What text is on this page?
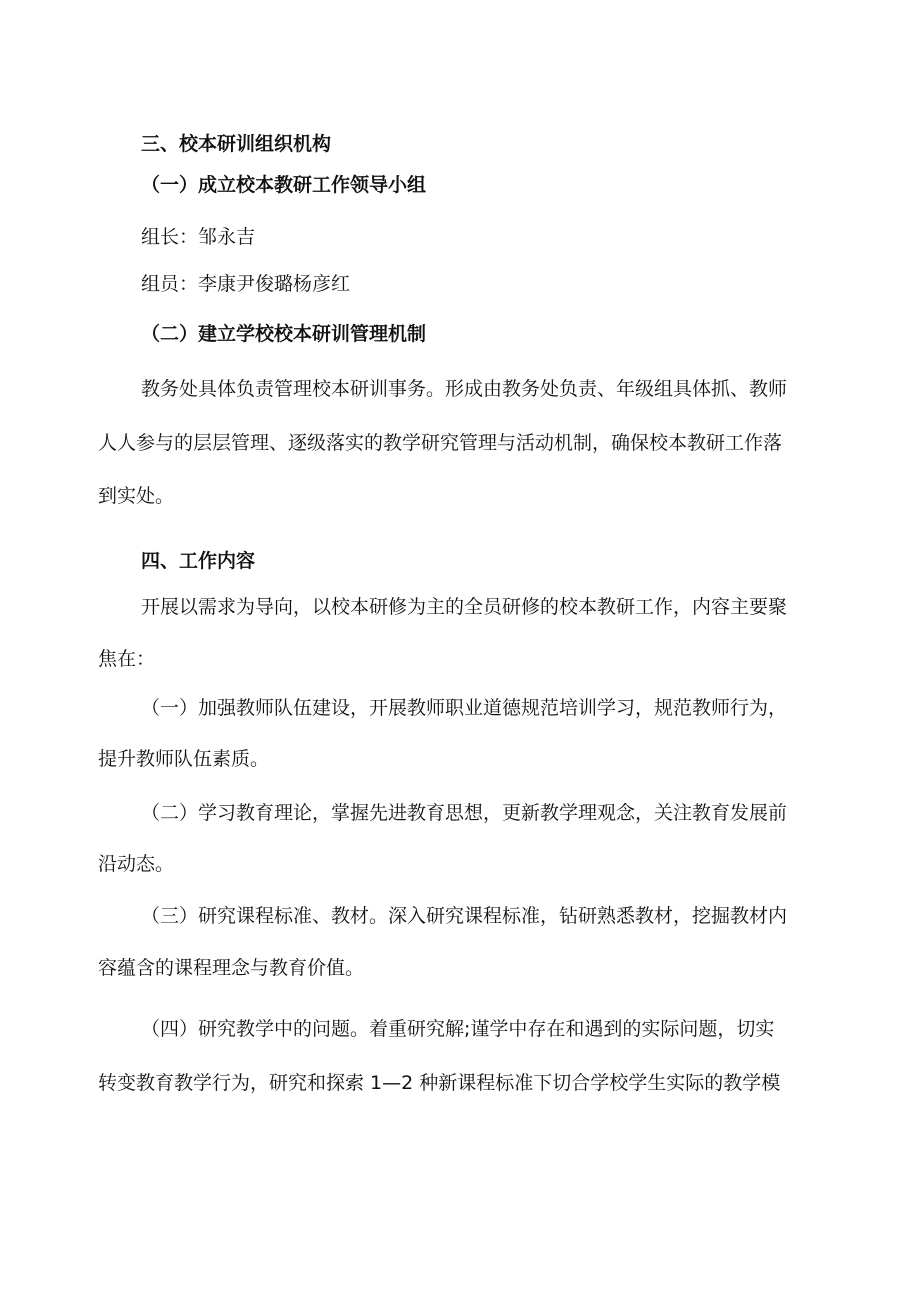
三、校本研训组织机构
（一）成立校本教研工作领导小组
组长：邹永吉
组员：李康尹俊璐杨彦红
（二）建立学校校本研训管理机制
教务处具体负责管理校本研训事务。形成由教务处负责、年级组具体抓、教师
人人参与的层层管理、逐级落实的教学研究管理与活动机制，确保校本教研工作落
到实处。
四、工作内容
开展以需求为导向，以校本研修为主的全员研修的校本教研工作，内容主要聚
焦在：
（一）加强教师队伍建设，开展教师职业道德规范培训学习，规范教师行为，
提升教师队伍素质。
（二）学习教育理论，掌握先进教育思想，更新教学理观念，关注教育发展前
沿动态。
（三）研究课程标准、教材。深入研究课程标准，钻研熟悉教材，挖掘教材内
容蕴含的课程理念与教育价值。
（四）研究教学中的问题。着重研究解;谨学中存在和遇到的实际问题，切实
转变教育教学行为，研究和探索 1—2 种新课程标准下切合学校学生实际的教学模
